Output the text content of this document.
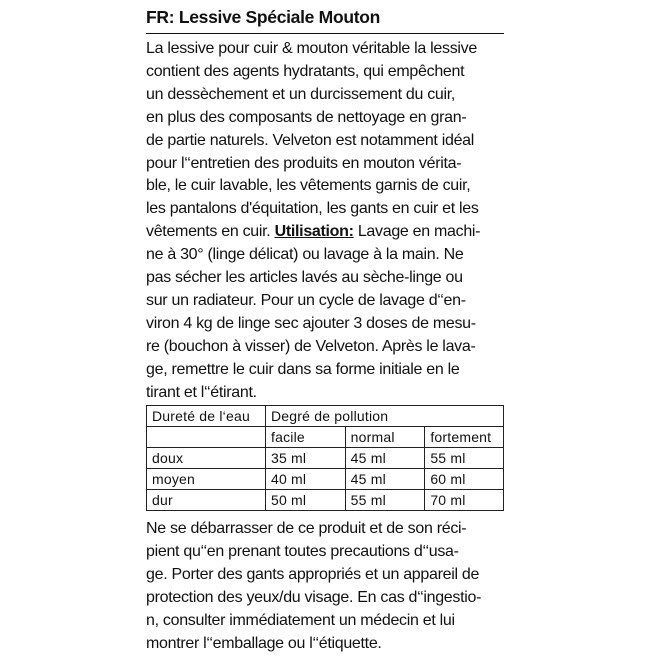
FR: Lessive Spéciale Mouton

La lessive pour cuir & mouton véritable la lessive
contient des agents hydratants, qui empêchent
un dessèchement et un durcissement du cuir,
en plus des composants de nettoyage en gran-
de partie naturels. Velveton est notamment idéal
pour l‘‘entretien des produits en mouton vérita-
ble, le cuir lavable, les vêtements garnis de cuir,
les pantalons d'équitation, les gants en cuir et les
vêtements en cuir. Utilisation: Lavage en machi-
ne à 30° (linge délicat) ou lavage à la main. Ne
pas sécher les articles lavés au sèche-linge ou
sur un radiateur. Pour un cycle de lavage d‘‘en-
viron 4 kg de linge sec ajouter 3 doses de mesu-
re (bouchon à visser) de Velveton. Après le lava-
ge, remettre le cuir dans sa forme initiale en le
tirant et l‘‘étirant.

Dureté de l‘eau	Degré de pollution		
	facile	normal	fortement
doux	35 ml	45 ml	55 ml
moyen	40 ml	45 ml	60 ml
dur	50 ml	55 ml	70 ml

Ne se débarrasser de ce produit et de son réci-
pient qu‘‘en prenant toutes precautions d‘‘usa-
ge. Porter des gants appropriés et un appareil de
protection des yeux/du visage. En cas d‘‘ingestio-
n, consulter immédiatement un médecin et lui
montrer l‘‘emballage ou l‘‘étiquette.
